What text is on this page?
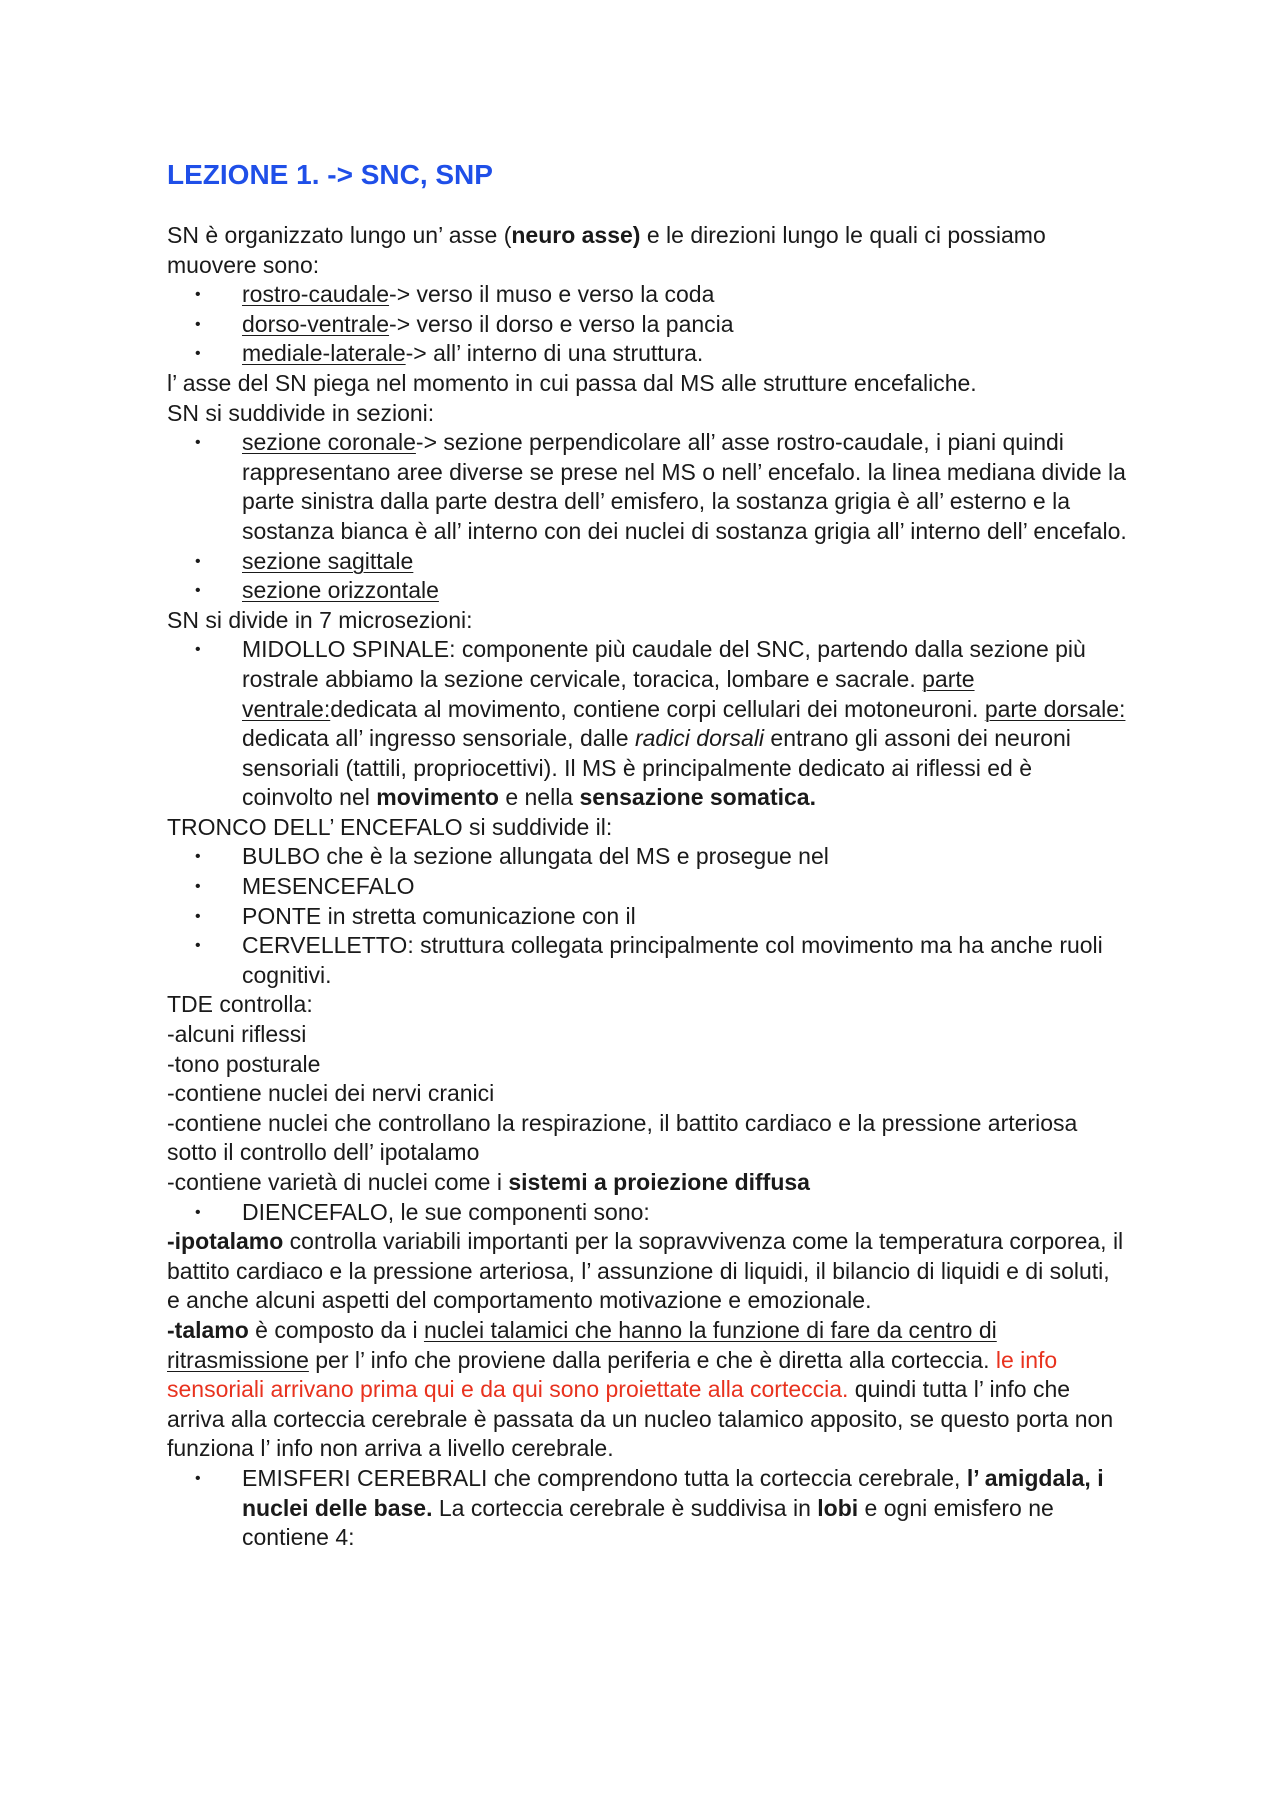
LEZIONE 1. -> SNC, SNP

SN è organizzato lungo un’ asse (neuro asse) e le direzioni lungo le quali ci possiamo muovere sono:

• rostro-caudale-> verso il muso e verso la coda
• dorso-ventrale-> verso il dorso e verso la pancia
• mediale-laterale-> all’ interno di una struttura.

l’ asse del SN piega nel momento in cui passa dal MS alle strutture encefaliche.

SN si suddivide in sezioni:

• sezione coronale-> sezione perpendicolare all’ asse rostro-caudale, i piani quindi rappresentano aree diverse se prese nel MS o nell’ encefalo. la linea mediana divide la parte sinistra dalla parte destra dell’ emisfero, la sostanza grigia è all’ esterno e la sostanza bianca è all’ interno con dei nuclei di sostanza grigia all’ interno dell’ encefalo.
• sezione sagittale
• sezione orizzontale

SN si divide in 7 microsezioni:

• MIDOLLO SPINALE: componente più caudale del SNC, partendo dalla sezione più rostrale abbiamo la sezione cervicale, toracica, lombare e sacrale. parte ventrale:dedicata al movimento, contiene corpi cellulari dei motoneuroni. parte dorsale: dedicata all’ ingresso sensoriale, dalle radici dorsali entrano gli assoni dei neuroni sensoriali (tattili, propriocettivi). Il MS è principalmente dedicato ai riflessi ed è coinvolto nel movimento e nella sensazione somatica.

TRONCO DELL’ ENCEFALO si suddivide il:

• BULBO che è la sezione allungata del MS e prosegue nel
• MESENCEFALO
• PONTE in stretta comunicazione con il
• CERVELLETTO: struttura collegata principalmente col movimento ma ha anche ruoli cognitivi.

TDE controlla:

-alcuni riflessi

-tono posturale

-contiene nuclei dei nervi cranici

-contiene nuclei che controllano la respirazione, il battito cardiaco e la pressione arteriosa sotto il controllo dell’ ipotalamo

-contiene varietà di nuclei come i sistemi a proiezione diffusa

• DIENCEFALO, le sue componenti sono:

-ipotalamo controlla variabili importanti per la sopravvivenza come la temperatura corporea, il battito cardiaco e la pressione arteriosa, l’ assunzione di liquidi, il bilancio di liquidi e di soluti, e anche alcuni aspetti del comportamento motivazione e emozionale.

-talamo è composto da i nuclei talamici che hanno la funzione di fare da centro di ritrasmissione per l’ info che proviene dalla periferia e che è diretta alla corteccia. le info sensoriali arrivano prima qui e da qui sono proiettate alla corteccia. quindi tutta l’ info che arriva alla corteccia cerebrale è passata da un nucleo talamico apposito, se questo porta non funziona l’ info non arriva a livello cerebrale.

• EMISFERI CEREBRALI che comprendono tutta la corteccia cerebrale, l’ amigdala, i nuclei delle base. La corteccia cerebrale è suddivisa in lobi e ogni emisfero ne contiene 4:
